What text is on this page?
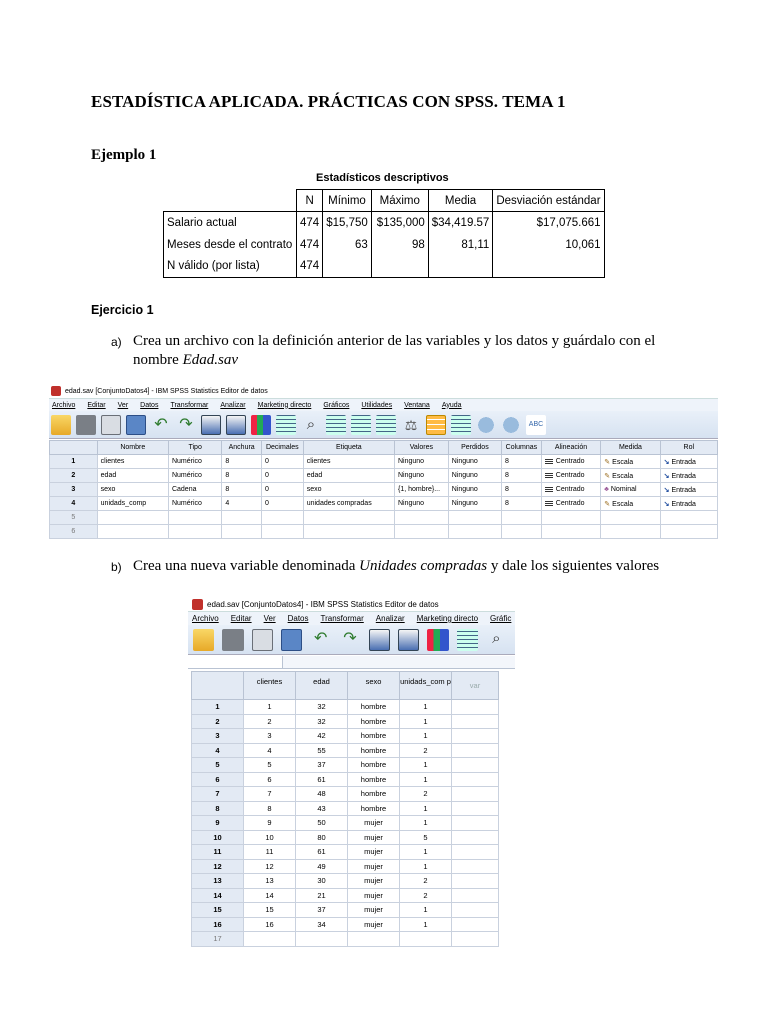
ESTADÍSTICA APLICADA. PRÁCTICAS CON SPSS. TEMA 1
Ejemplo 1
Estadísticos descriptivos
	N	Mínimo	Máximo	Media	Desviación estándar
Salario actual	474	$15,750	$135,000	$34,419.57	$17,075.661
Meses desde el contrato	474	63	98	81,11	10,061
N válido (por lista)	474				
Ejercicio 1
a) Crea un archivo con la definición anterior de las variables y los datos y guárdalo con el nombre Edad.sav
edad.sav [ConjuntoDatos4] - IBM SPSS Statistics Editor de datos
Archivo Editar Ver Datos Transformar Analizar Marketing directo Gráficos Utilidades Ventana Ayuda
↶ ↷	⌕	⚖	ABC
	Nombre	Tipo	Anchura	Decimales	Etiqueta	Valores	Perdidos	Columnas	Alineación	Medida	Rol
1	clientes	Numérico	8	0	clientes	Ninguno	Ninguno	8	Centrado	✎ Escala	↘ Entrada
2	edad	Numérico	8	0	edad	Ninguno	Ninguno	8	Centrado	✎ Escala	↘ Entrada
3	sexo	Cadena	8	0	sexo	{1, hombre}...	Ninguno	8	Centrado	♣ Nominal	↘ Entrada
4	unidads_comp	Numérico	4	0	unidades compradas	Ninguno	Ninguno	8	Centrado	✎ Escala	↘ Entrada
5											
6											
b) Crea una nueva variable denominada Unidades compradas y dale los siguientes valores
edad.sav [ConjuntoDatos4] - IBM SPSS Statistics Editor de datos
Archivo Editar Ver Datos Transformar Analizar Marketing directo Gráfic
↶ ↷	⌕
	clientes	edad	sexo	unidads_com p	var
1	1	32	hombre	1	
2	2	32	hombre	1	
3	3	42	hombre	1	
4	4	55	hombre	2	
5	5	37	hombre	1	
6	6	61	hombre	1	
7	7	48	hombre	2	
8	8	43	hombre	1	
9	9	50	mujer	1	
10	10	80	mujer	5	
11	11	61	mujer	1	
12	12	49	mujer	1	
13	13	30	mujer	2	
14	14	21	mujer	2	
15	15	37	mujer	1	
16	16	34	mujer	1	
17					
